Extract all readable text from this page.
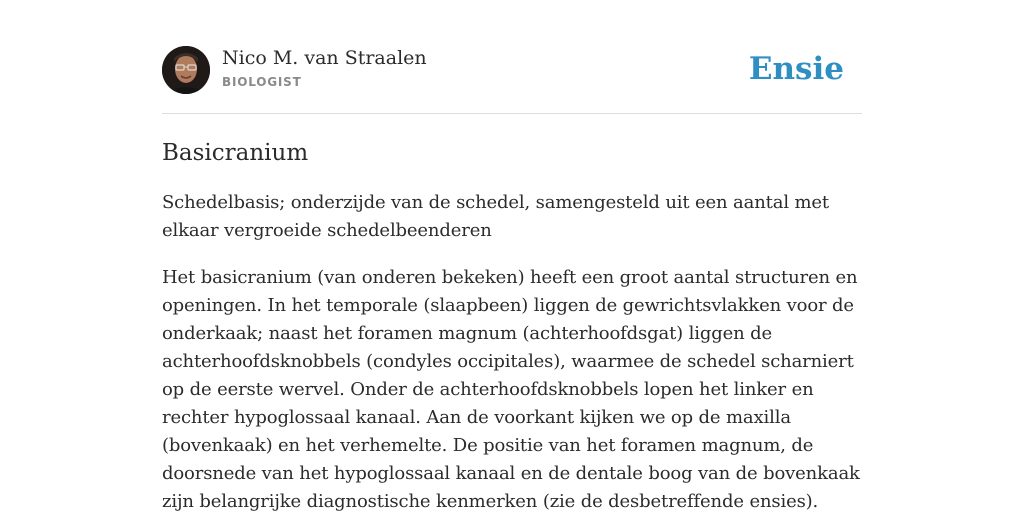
Nico M. van Straalen
BIOLOGIST	Ensie
Basicranium

Schedelbasis; onderzijde van de schedel, samengesteld uit een aantal met elkaar vergroeide schedelbeenderen

Het basicranium (van onderen bekeken) heeft een groot aantal structuren en openingen. In het temporale (slaapbeen) liggen de gewrichtsvlakken voor de onderkaak; naast het foramen magnum (achterhoofdsgat) liggen de achterhoofdsknobbels (condyles occipitales), waarmee de schedel scharniert op de eerste wervel. Onder de achterhoofdsknobbels lopen het linker en rechter hypoglossaal kanaal. Aan de voorkant kijken we op de maxilla (bovenkaak) en het verhemelte. De positie van het foramen magnum, de doorsnede van het hypoglossaal kanaal en de dentale boog van de bovenkaak zijn belangrijke diagnostische kenmerken (zie de desbetreffende ensies).
